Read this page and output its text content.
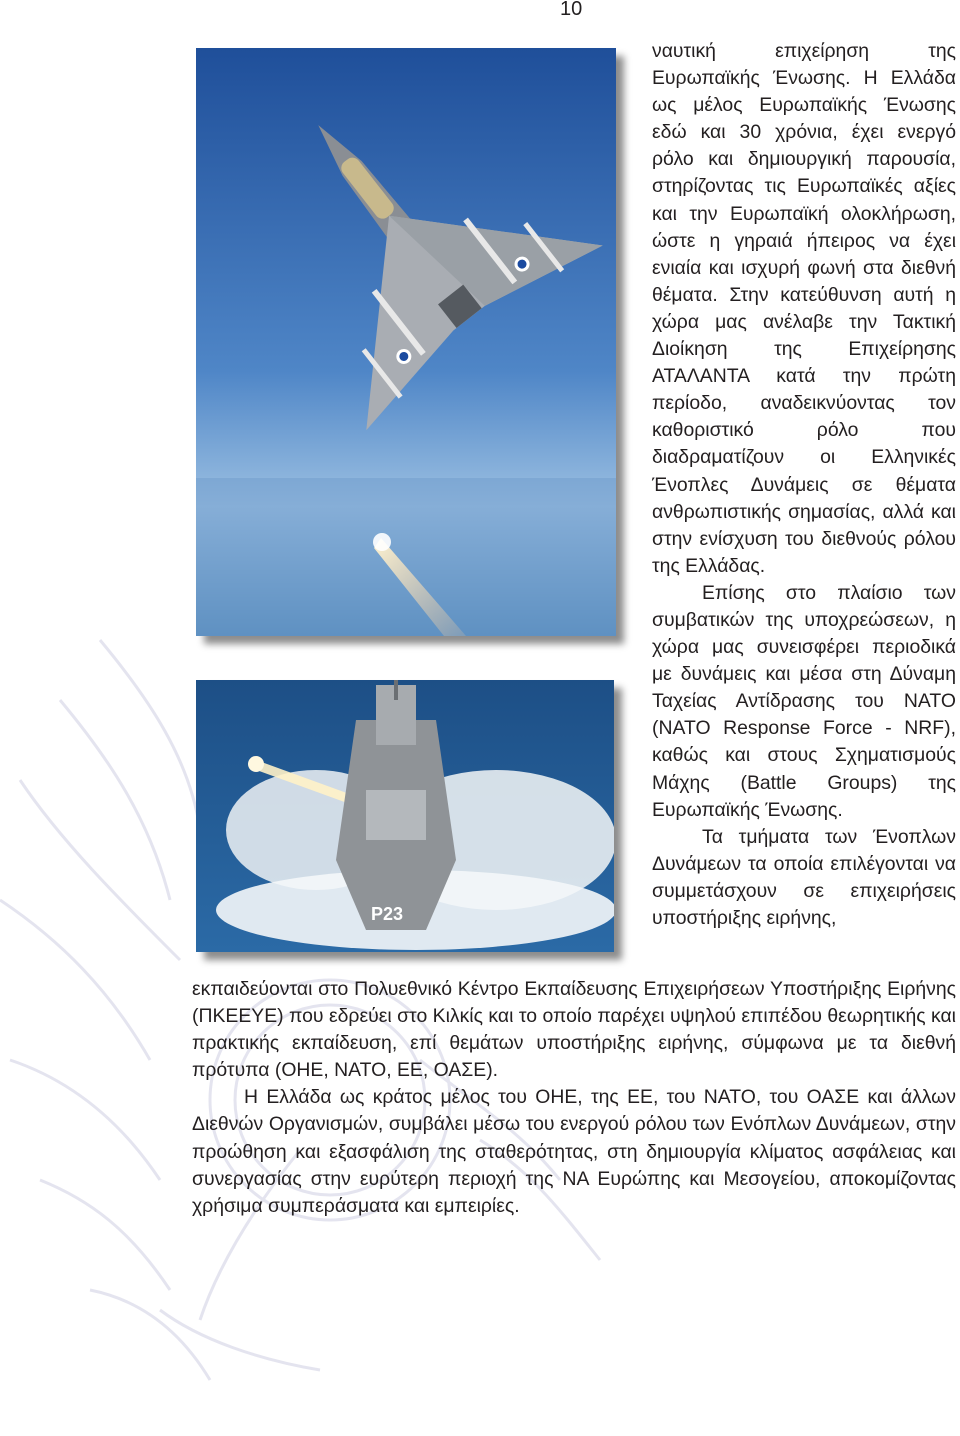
10
P23

ναυτική επιχείρηση της Ευρωπαϊκής Ένωσης. Η Ελλάδα ως μέλος Ευρωπαϊκής Ένωσης εδώ και 30 χρόνια, έχει ενεργό ρόλο και δημιουργική παρουσία, στηρίζοντας τις Ευρωπαϊκές αξίες και την Ευρωπαϊκή ολοκλήρωση, ώστε η γηραιά ήπειρος να έχει ενιαία και ισχυρή φωνή στα διεθνή θέματα. Στην κατεύθυνση αυτή η χώρα μας ανέλαβε την Τακτική Διοίκηση της Επιχείρησης ΑΤΑΛΑΝΤΑ κατά την πρώτη περίοδο, αναδεικνύοντας τον καθοριστικό ρόλο που διαδραματίζουν οι Ελληνικές Ένοπλες Δυνάμεις σε θέματα ανθρωπιστικής σημασίας, αλλά και στην ενίσχυση του διεθνούς ρόλου της Ελλάδας.

Επίσης στο πλαίσιο των συμβατικών της υποχρεώσεων, η χώρα μας συνεισφέρει περιοδικά με δυνάμεις και μέσα στη Δύναμη Ταχείας Αντίδρασης του ΝΑΤΟ (NATO Response Force - NRF), καθώς και στους Σχηματισμούς Μάχης (Battle Groups) της Ευρωπαϊκής Ένωσης.

Τα τμήματα των Ένοπλων Δυνάμεων τα οποία επιλέγονται να συμμετάσχουν σε επιχειρήσεις υποστήριξης ειρήνης,

εκπαιδεύονται στο Πολυεθνικό Κέντρο Εκπαίδευσης Επιχειρήσεων Υποστήριξης Ειρήνης (ΠΚΕΕΥΕ) που εδρεύει στο Κιλκίς και το οποίο παρέχει υψηλού επιπέδου θεωρητικής και πρακτικής εκπαίδευση, επί θεμάτων υποστήριξης ειρήνης, σύμφωνα με τα διεθνή πρότυπα (ΟΗΕ, ΝΑΤΟ, ΕΕ, ΟΑΣΕ).

Η Ελλάδα ως κράτος μέλος του ΟΗΕ, της ΕΕ, του ΝΑΤΟ, του ΟΑΣΕ και άλλων Διεθνών Οργανισμών, συμβάλει μέσω του ενεργού ρόλου των Ενόπλων Δυνάμεων, στην προώθηση και εξασφάλιση της σταθερότητας, στη δημιουργία κλίματος ασφάλειας και συνεργασίας στην ευρύτερη περιοχή της ΝΑ Ευρώπης και Μεσογείου, αποκομίζοντας χρήσιμα συμπεράσματα και εμπειρίες.
